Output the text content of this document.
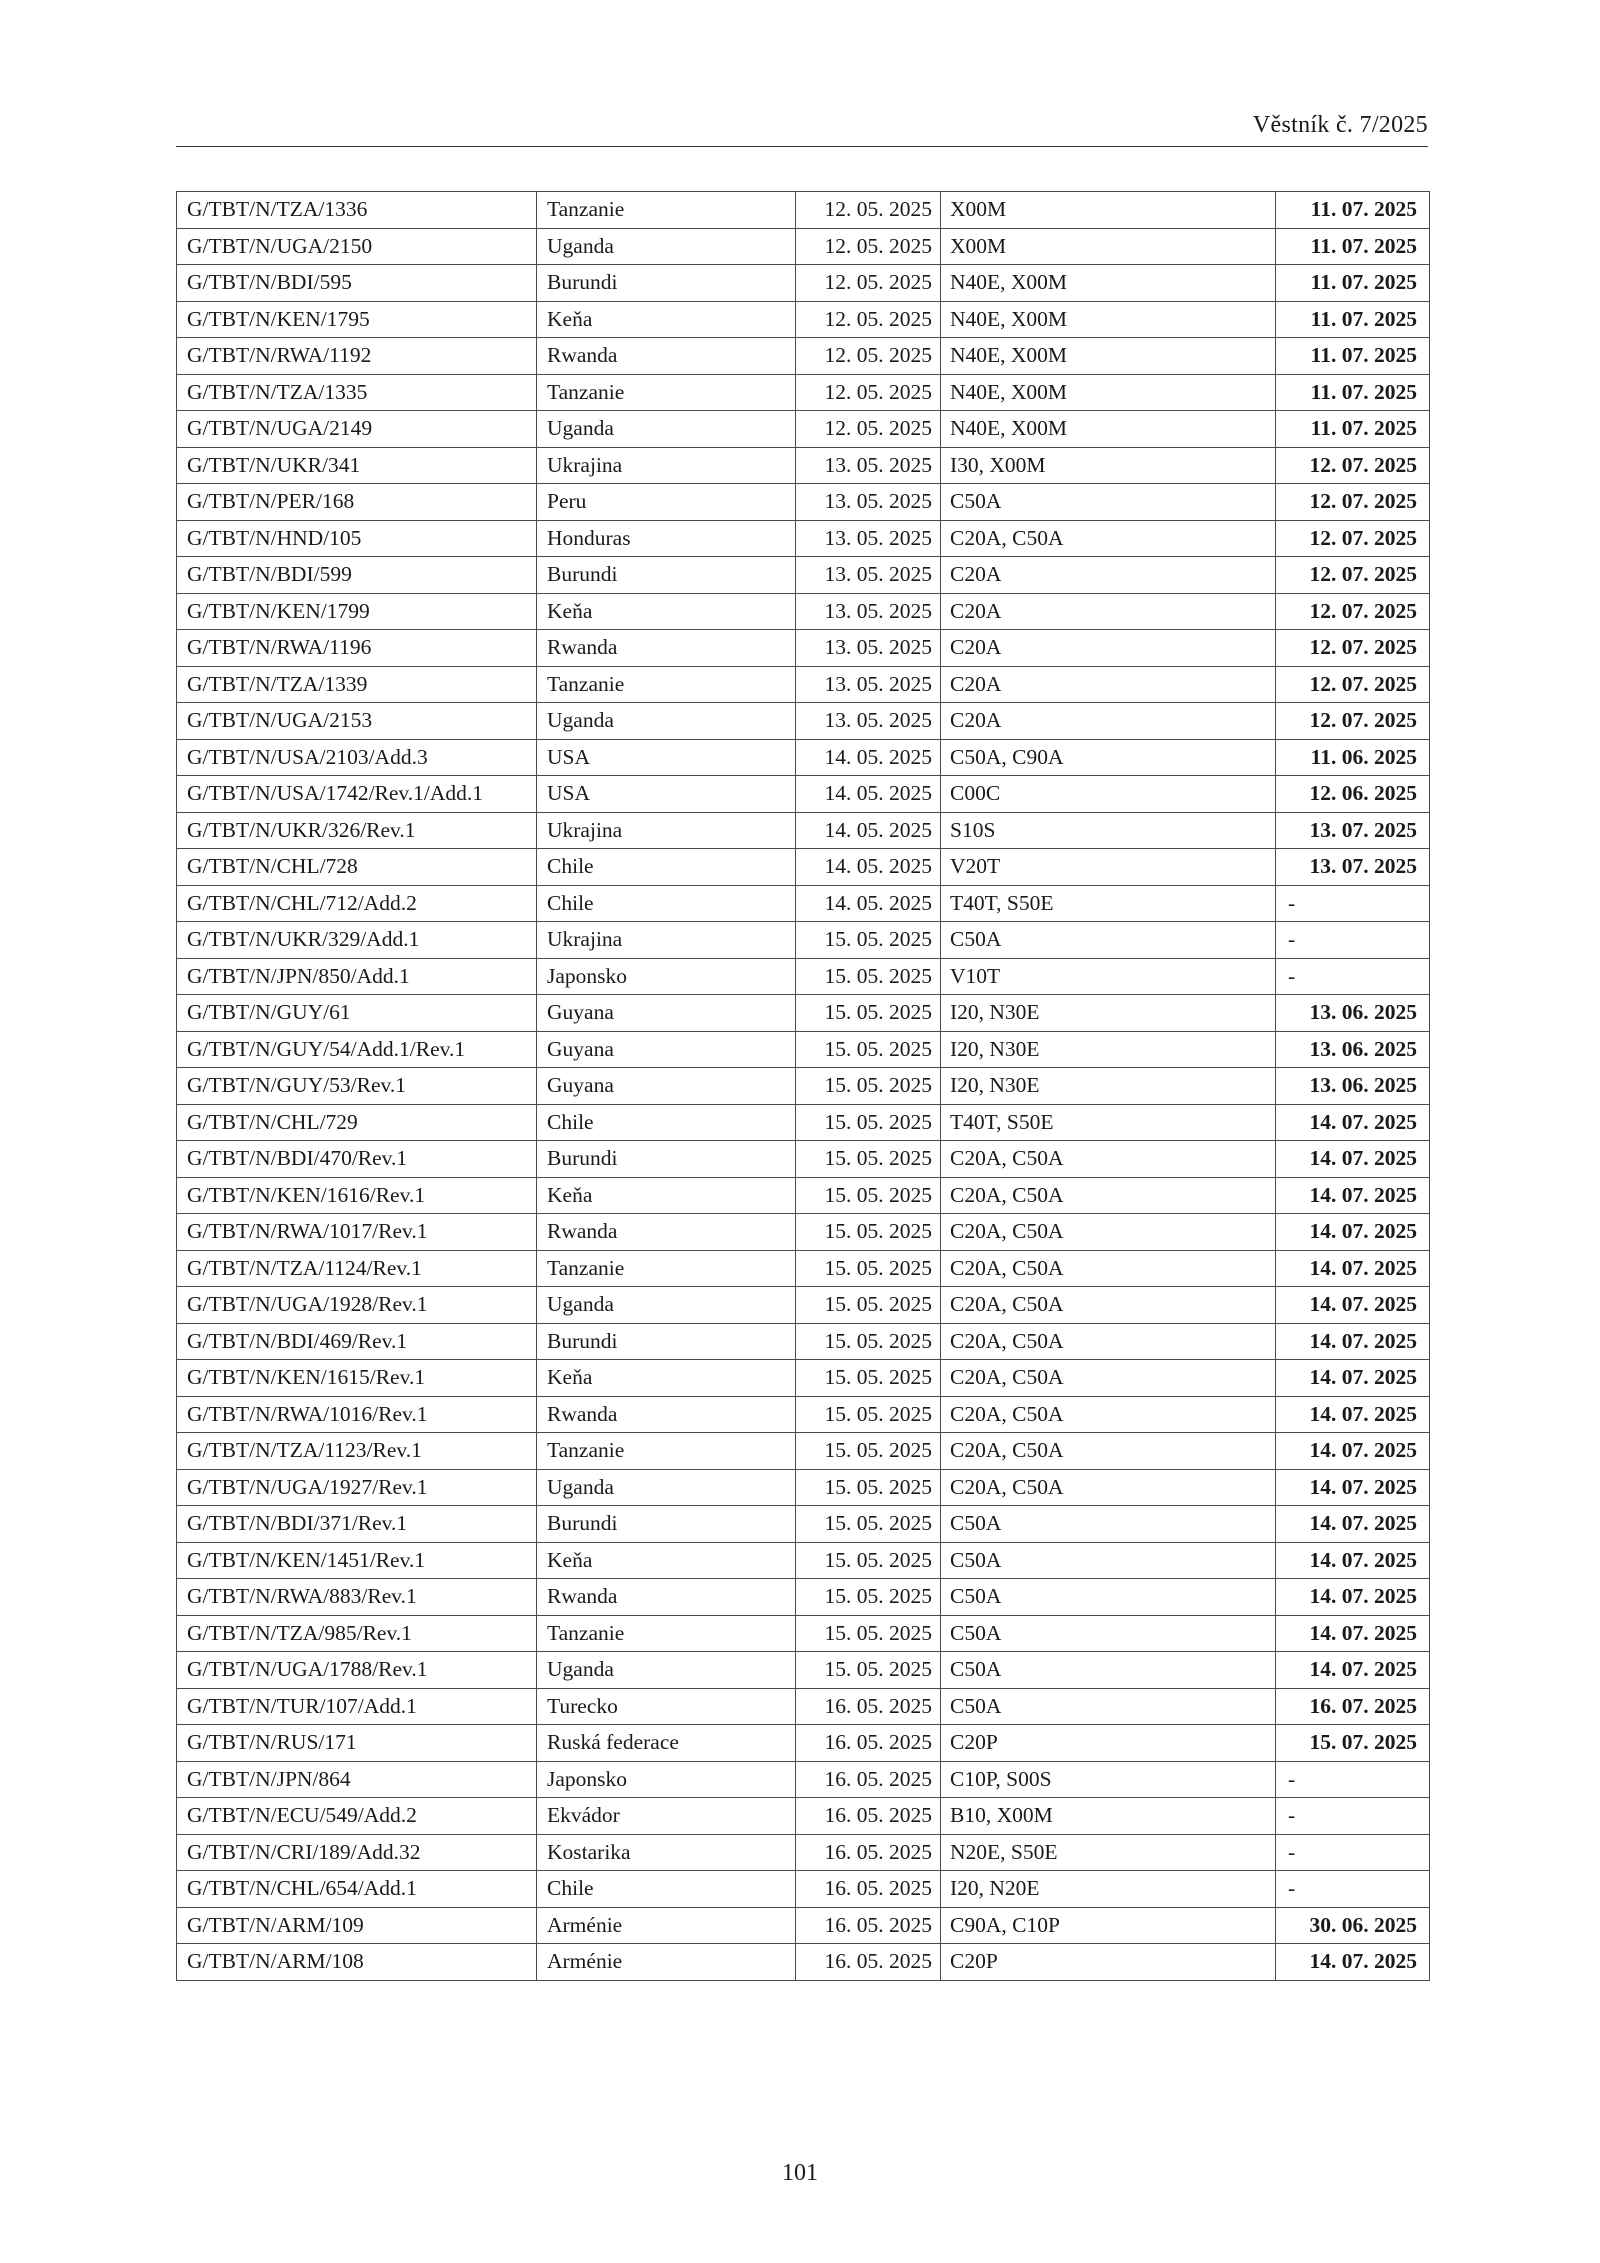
Věstník č. 7/2025
G/TBT/N/TZA/1336	Tanzanie	12. 05. 2025	X00M	11. 07. 2025
G/TBT/N/UGA/2150	Uganda	12. 05. 2025	X00M	11. 07. 2025
G/TBT/N/BDI/595	Burundi	12. 05. 2025	N40E, X00M	11. 07. 2025
G/TBT/N/KEN/1795	Keňa	12. 05. 2025	N40E, X00M	11. 07. 2025
G/TBT/N/RWA/1192	Rwanda	12. 05. 2025	N40E, X00M	11. 07. 2025
G/TBT/N/TZA/1335	Tanzanie	12. 05. 2025	N40E, X00M	11. 07. 2025
G/TBT/N/UGA/2149	Uganda	12. 05. 2025	N40E, X00M	11. 07. 2025
G/TBT/N/UKR/341	Ukrajina	13. 05. 2025	I30, X00M	12. 07. 2025
G/TBT/N/PER/168	Peru	13. 05. 2025	C50A	12. 07. 2025
G/TBT/N/HND/105	Honduras	13. 05. 2025	C20A, C50A	12. 07. 2025
G/TBT/N/BDI/599	Burundi	13. 05. 2025	C20A	12. 07. 2025
G/TBT/N/KEN/1799	Keňa	13. 05. 2025	C20A	12. 07. 2025
G/TBT/N/RWA/1196	Rwanda	13. 05. 2025	C20A	12. 07. 2025
G/TBT/N/TZA/1339	Tanzanie	13. 05. 2025	C20A	12. 07. 2025
G/TBT/N/UGA/2153	Uganda	13. 05. 2025	C20A	12. 07. 2025
G/TBT/N/USA/2103/Add.3	USA	14. 05. 2025	C50A, C90A	11. 06. 2025
G/TBT/N/USA/1742/Rev.1/Add.1	USA	14. 05. 2025	C00C	12. 06. 2025
G/TBT/N/UKR/326/Rev.1	Ukrajina	14. 05. 2025	S10S	13. 07. 2025
G/TBT/N/CHL/728	Chile	14. 05. 2025	V20T	13. 07. 2025
G/TBT/N/CHL/712/Add.2	Chile	14. 05. 2025	T40T, S50E	-
G/TBT/N/UKR/329/Add.1	Ukrajina	15. 05. 2025	C50A	-
G/TBT/N/JPN/850/Add.1	Japonsko	15. 05. 2025	V10T	-
G/TBT/N/GUY/61	Guyana	15. 05. 2025	I20, N30E	13. 06. 2025
G/TBT/N/GUY/54/Add.1/Rev.1	Guyana	15. 05. 2025	I20, N30E	13. 06. 2025
G/TBT/N/GUY/53/Rev.1	Guyana	15. 05. 2025	I20, N30E	13. 06. 2025
G/TBT/N/CHL/729	Chile	15. 05. 2025	T40T, S50E	14. 07. 2025
G/TBT/N/BDI/470/Rev.1	Burundi	15. 05. 2025	C20A, C50A	14. 07. 2025
G/TBT/N/KEN/1616/Rev.1	Keňa	15. 05. 2025	C20A, C50A	14. 07. 2025
G/TBT/N/RWA/1017/Rev.1	Rwanda	15. 05. 2025	C20A, C50A	14. 07. 2025
G/TBT/N/TZA/1124/Rev.1	Tanzanie	15. 05. 2025	C20A, C50A	14. 07. 2025
G/TBT/N/UGA/1928/Rev.1	Uganda	15. 05. 2025	C20A, C50A	14. 07. 2025
G/TBT/N/BDI/469/Rev.1	Burundi	15. 05. 2025	C20A, C50A	14. 07. 2025
G/TBT/N/KEN/1615/Rev.1	Keňa	15. 05. 2025	C20A, C50A	14. 07. 2025
G/TBT/N/RWA/1016/Rev.1	Rwanda	15. 05. 2025	C20A, C50A	14. 07. 2025
G/TBT/N/TZA/1123/Rev.1	Tanzanie	15. 05. 2025	C20A, C50A	14. 07. 2025
G/TBT/N/UGA/1927/Rev.1	Uganda	15. 05. 2025	C20A, C50A	14. 07. 2025
G/TBT/N/BDI/371/Rev.1	Burundi	15. 05. 2025	C50A	14. 07. 2025
G/TBT/N/KEN/1451/Rev.1	Keňa	15. 05. 2025	C50A	14. 07. 2025
G/TBT/N/RWA/883/Rev.1	Rwanda	15. 05. 2025	C50A	14. 07. 2025
G/TBT/N/TZA/985/Rev.1	Tanzanie	15. 05. 2025	C50A	14. 07. 2025
G/TBT/N/UGA/1788/Rev.1	Uganda	15. 05. 2025	C50A	14. 07. 2025
G/TBT/N/TUR/107/Add.1	Turecko	16. 05. 2025	C50A	16. 07. 2025
G/TBT/N/RUS/171	Ruská federace	16. 05. 2025	C20P	15. 07. 2025
G/TBT/N/JPN/864	Japonsko	16. 05. 2025	C10P, S00S	-
G/TBT/N/ECU/549/Add.2	Ekvádor	16. 05. 2025	B10, X00M	-
G/TBT/N/CRI/189/Add.32	Kostarika	16. 05. 2025	N20E, S50E	-
G/TBT/N/CHL/654/Add.1	Chile	16. 05. 2025	I20, N20E	-
G/TBT/N/ARM/109	Arménie	16. 05. 2025	C90A, C10P	30. 06. 2025
G/TBT/N/ARM/108	Arménie	16. 05. 2025	C20P	14. 07. 2025
101
